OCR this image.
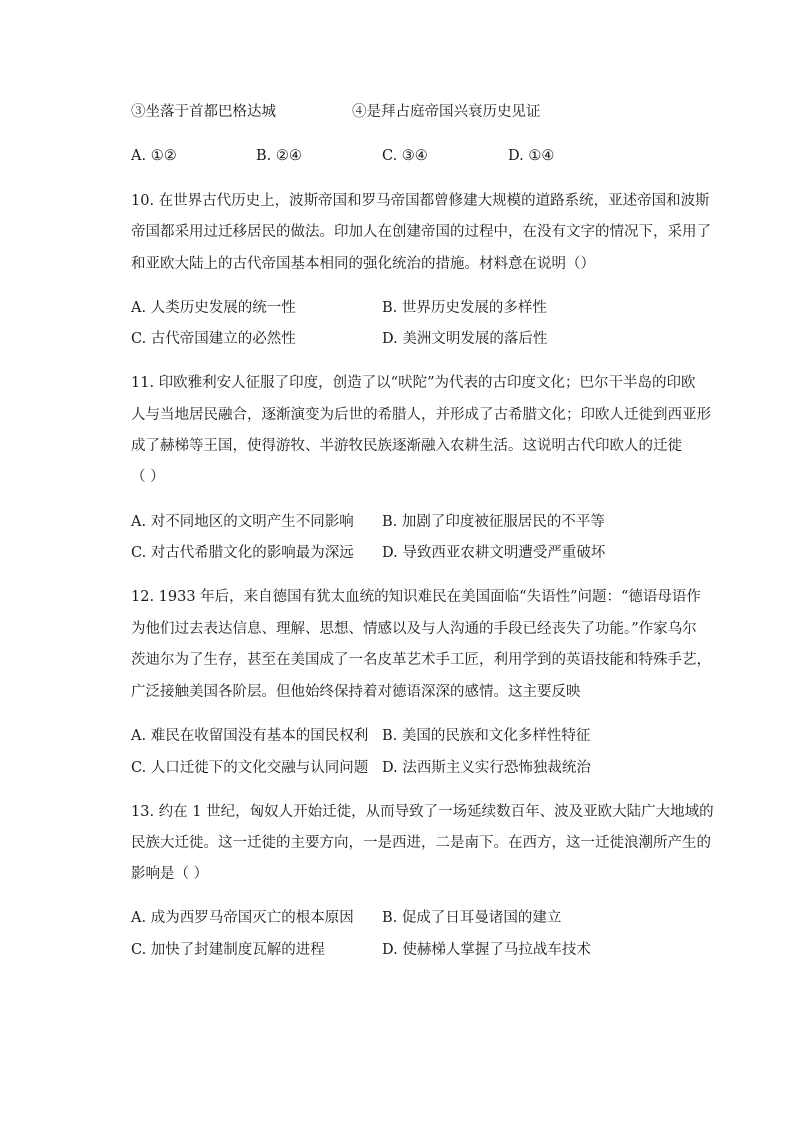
③坐落于首都巴格达城	④是拜占庭帝国兴衰历史见证
A. ①②	B. ②④	C. ③④	D. ①④
10. 在世界古代历史上，波斯帝国和罗马帝国都曾修建大规模的道路系统，亚述帝国和波斯
帝国都采用过迁移居民的做法。印加人在创建帝国的过程中，在没有文字的情况下，采用了
和亚欧大陆上的古代帝国基本相同的强化统治的措施。材料意在说明（）
A. 人类历史发展的统一性	B. 世界历史发展的多样性
C. 古代帝国建立的必然性	D. 美洲文明发展的落后性
11. 印欧雅利安人征服了印度，创造了以“吠陀”为代表的古印度文化；巴尔干半岛的印欧
人与当地居民融合，逐渐演变为后世的希腊人，并形成了古希腊文化；印欧人迁徙到西亚形
成了赫梯等王国，使得游牧、半游牧民族逐渐融入农耕生活。这说明古代印欧人的迁徙
（ ）
A. 对不同地区的文明产生不同影响 B. 加剧了印度被征服居民的不平等
C. 对古代希腊文化的影响最为深远 D. 导致西亚农耕文明遭受严重破坏
12. 1933 年后，来自德国有犹太血统的知识难民在美国面临“失语性”问题：“德语母语作
为他们过去表达信息、理解、思想、情感以及与人沟通的手段已经丧失了功能。”作家乌尔
茨迪尔为了生存，甚至在美国成了一名皮革艺术手工匠，利用学到的英语技能和特殊手艺，
广泛接触美国各阶层。但他始终保持着对德语深深的感情。这主要反映
A. 难民在收留国没有基本的国民权利 B. 美国的民族和文化多样性特征
C. 人口迁徙下的文化交融与认同问题 D. 法西斯主义实行恐怖独裁统治
13. 约在 1 世纪，匈奴人开始迁徙，从而导致了一场延续数百年、波及亚欧大陆广大地域的
民族大迁徙。这一迁徙的主要方向，一是西进，二是南下。在西方，这一迁徙浪潮所产生的
影响是（ ）
A. 成为西罗马帝国灭亡的根本原因 B. 促成了日耳曼诸国的建立
C. 加快了封建制度瓦解的进程	D. 使赫梯人掌握了马拉战车技术
